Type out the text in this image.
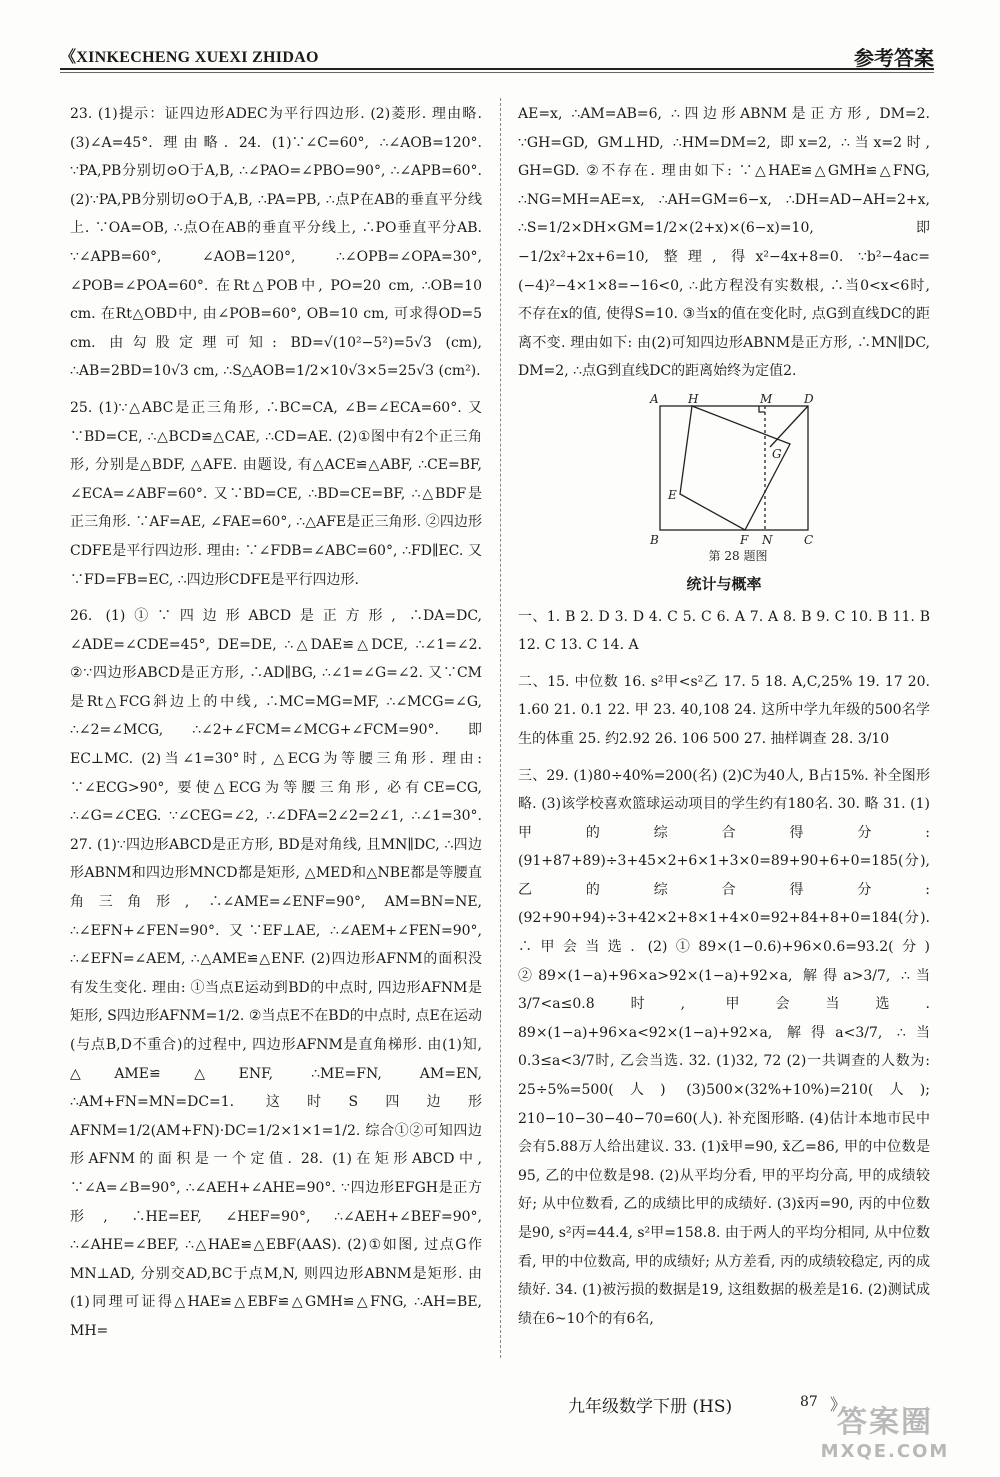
《XINKECHENG XUEXI ZHIDAO	参考答案

23. (1)提示：证四边形ADEC为平行四边形. (2)菱形. 理由略. (3)∠A=45°. 理由略. 24. (1)∵∠C=60°, ∴∠AOB=120°. ∵PA,PB分别切⊙O于A,B, ∴∠PAO=∠PBO=90°, ∴∠APB=60°. (2)∵PA,PB分别切⊙O于A,B, ∴PA=PB, ∴点P在AB的垂直平分线上. ∵OA=OB, ∴点O在AB的垂直平分线上, ∴PO垂直平分AB. ∵∠APB=60°, ∠AOB=120°, ∴∠OPB=∠OPA=30°, ∠POB=∠POA=60°. 在Rt△POB中, PO=20 cm, ∴OB=10 cm. 在Rt△OBD中, 由∠POB=60°, OB=10 cm, 可求得OD=5 cm. 由勾股定理可知: BD=√(10²−5²)=5√3 (cm), ∴AB=2BD=10√3 cm, ∴S△AOB=1/2×10√3×5=25√3 (cm²).

25. (1)∵△ABC是正三角形, ∴BC=CA, ∠B=∠ECA=60°. 又∵BD=CE, ∴△BCD≌△CAE, ∴CD=AE. (2)①图中有2个正三角形, 分别是△BDF, △AFE. 由题设, 有△ACE≌△ABF, ∴CE=BF, ∠ECA=∠ABF=60°. 又∵BD=CE, ∴BD=CE=BF, ∴△BDF是正三角形. ∵AF=AE, ∠FAE=60°, ∴△AFE是正三角形. ②四边形CDFE是平行四边形. 理由: ∵∠FDB=∠ABC=60°, ∴FD∥EC. 又∵FD=FB=EC, ∴四边形CDFE是平行四边形.

26. (1)①∵四边形ABCD是正方形, ∴DA=DC, ∠ADE=∠CDE=45°, DE=DE, ∴△DAE≌△DCE, ∴∠1=∠2. ②∵四边形ABCD是正方形, ∴AD∥BG, ∴∠1=∠G=∠2. 又∵CM是Rt△FCG斜边上的中线, ∴MC=MG=MF, ∴∠MCG=∠G, ∴∠2=∠MCG, ∴∠2+∠FCM=∠MCG+∠FCM=90°. 即EC⊥MC. (2)当∠1=30°时, △ECG为等腰三角形. 理由: ∵∠ECG>90°, 要使△ECG为等腰三角形, 必有CE=CG, ∴∠G=∠CEG. ∵∠CEG=∠2, ∴∠DFA=2∠2=2∠1, ∴∠1=30°. 27. (1)∵四边形ABCD是正方形, BD是对角线, 且MN∥DC, ∴四边形ABNM和四边形MNCD都是矩形, △MED和△NBE都是等腰直角三角形, ∴∠AME=∠ENF=90°, AM=BN=NE, ∴∠EFN+∠FEN=90°. 又∵EF⊥AE, ∴∠AEM+∠FEN=90°, ∴∠EFN=∠AEM, ∴△AME≌△ENF. (2)四边形AFNM的面积没有发生变化. 理由: ①当点E运动到BD的中点时, 四边形AFNM是矩形, S四边形AFNM=1/2. ②当点E不在BD的中点时, 点E在运动(与点B,D不重合)的过程中, 四边形AFNM是直角梯形. 由(1)知, △AME≌△ENF, ∴ME=FN, AM=EN, ∴AM+FN=MN=DC=1. 这时S四边形AFNM=1/2(AM+FN)·DC=1/2×1×1=1/2. 综合①②可知四边形AFNM的面积是一个定值. 28. (1)在矩形ABCD中, ∵∠A=∠B=90°, ∴∠AEH+∠AHE=90°. ∵四边形EFGH是正方形, ∴HE=EF, ∠HEF=90°, ∴∠AEH+∠BEF=90°, ∴∠AHE=∠BEF, ∴△HAE≌△EBF(AAS). (2)①如图, 过点G作MN⊥AD, 分别交AD,BC于点M,N, 则四边形ABNM是矩形. 由(1)同理可证得△HAE≌△EBF≌△GMH≌△FNG, ∴AH=BE, MH=

AE=x, ∴AM=AB=6, ∴四边形ABNM是正方形, DM=2. ∵GH=GD, GM⊥HD, ∴HM=DM=2, 即x=2, ∴当x=2时, GH=GD. ②不存在. 理由如下: ∵△HAE≌△GMH≌△FNG, ∴NG=MH=AE=x, ∴AH=GM=6−x, ∴DH=AD−AH=2+x, ∴S=1/2×DH×GM=1/2×(2+x)×(6−x)=10, 即−1/2x²+2x+6=10, 整理, 得x²−4x+8=0. ∵b²−4ac=(−4)²−4×1×8=−16<0, ∴此方程没有实数根, ∴当0<x<6时, 不存在x的值, 使得S=10. ③当x的值在变化时, 点G到直线DC的距离不变. 理由如下: 由(2)可知四边形ABNM是正方形, ∴MN∥DC, DM=2, ∴点G到直线DC的距离始终为定值2.

A H	M	D
G
E
B	F N	C
第 28 题图
统计与概率

一、1. B 2. D 3. D 4. C 5. C 6. A 7. A 8. B 9. C 10. B 11. B 12. C 13. C 14. A

二、15. 中位数 16. s²甲<s²乙 17. 5 18. A,C,25% 19. 17 20. 1.60 21. 0.1 22. 甲 23. 40,108 24. 这所中学九年级的500名学生的体重 25. 约2.92 26. 106 500 27. 抽样调查 28. 3/10

三、29. (1)80÷40%=200(名) (2)C为40人, B占15%. 补全图形略. (3)该学校喜欢篮球运动项目的学生约有180名. 30. 略 31. (1)甲的综合得分: (91+87+89)÷3+45×2+6×1+3×0=89+90+6+0=185(分), 乙的综合得分: (92+90+94)÷3+42×2+8×1+4×0=92+84+8+0=184(分). ∴甲会当选. (2)①89×(1−0.6)+96×0.6=93.2(分) ②89×(1−a)+96×a>92×(1−a)+92×a, 解得a>3/7, ∴当3/7<a≤0.8时, 甲会当选. 89×(1−a)+96×a<92×(1−a)+92×a, 解得a<3/7, ∴当0.3≤a<3/7时, 乙会当选. 32. (1)32, 72 (2)一共调查的人数为: 25÷5%=500(人) (3)500×(32%+10%)=210(人); 210−10−30−40−70=60(人). 补充图形略. (4)估计本地市民中会有5.88万人给出建议. 33. (1)x̄甲=90, x̄乙=86, 甲的中位数是95, 乙的中位数是98. (2)从平均分看, 甲的平均分高, 甲的成绩较好; 从中位数看, 乙的成绩比甲的成绩好. (3)x̄丙=90, 丙的中位数是90, s²丙=44.4, s²甲=158.8. 由于两人的平均分相同, 从中位数看, 甲的中位数高, 甲的成绩好; 从方差看, 丙的成绩较稳定, 丙的成绩好. 34. (1)被污损的数据是19, 这组数据的极差是16. (2)测试成绩在6~10个的有6名,

九年级数学下册 (HS)	87 》
答案圈
MXQE.COM
